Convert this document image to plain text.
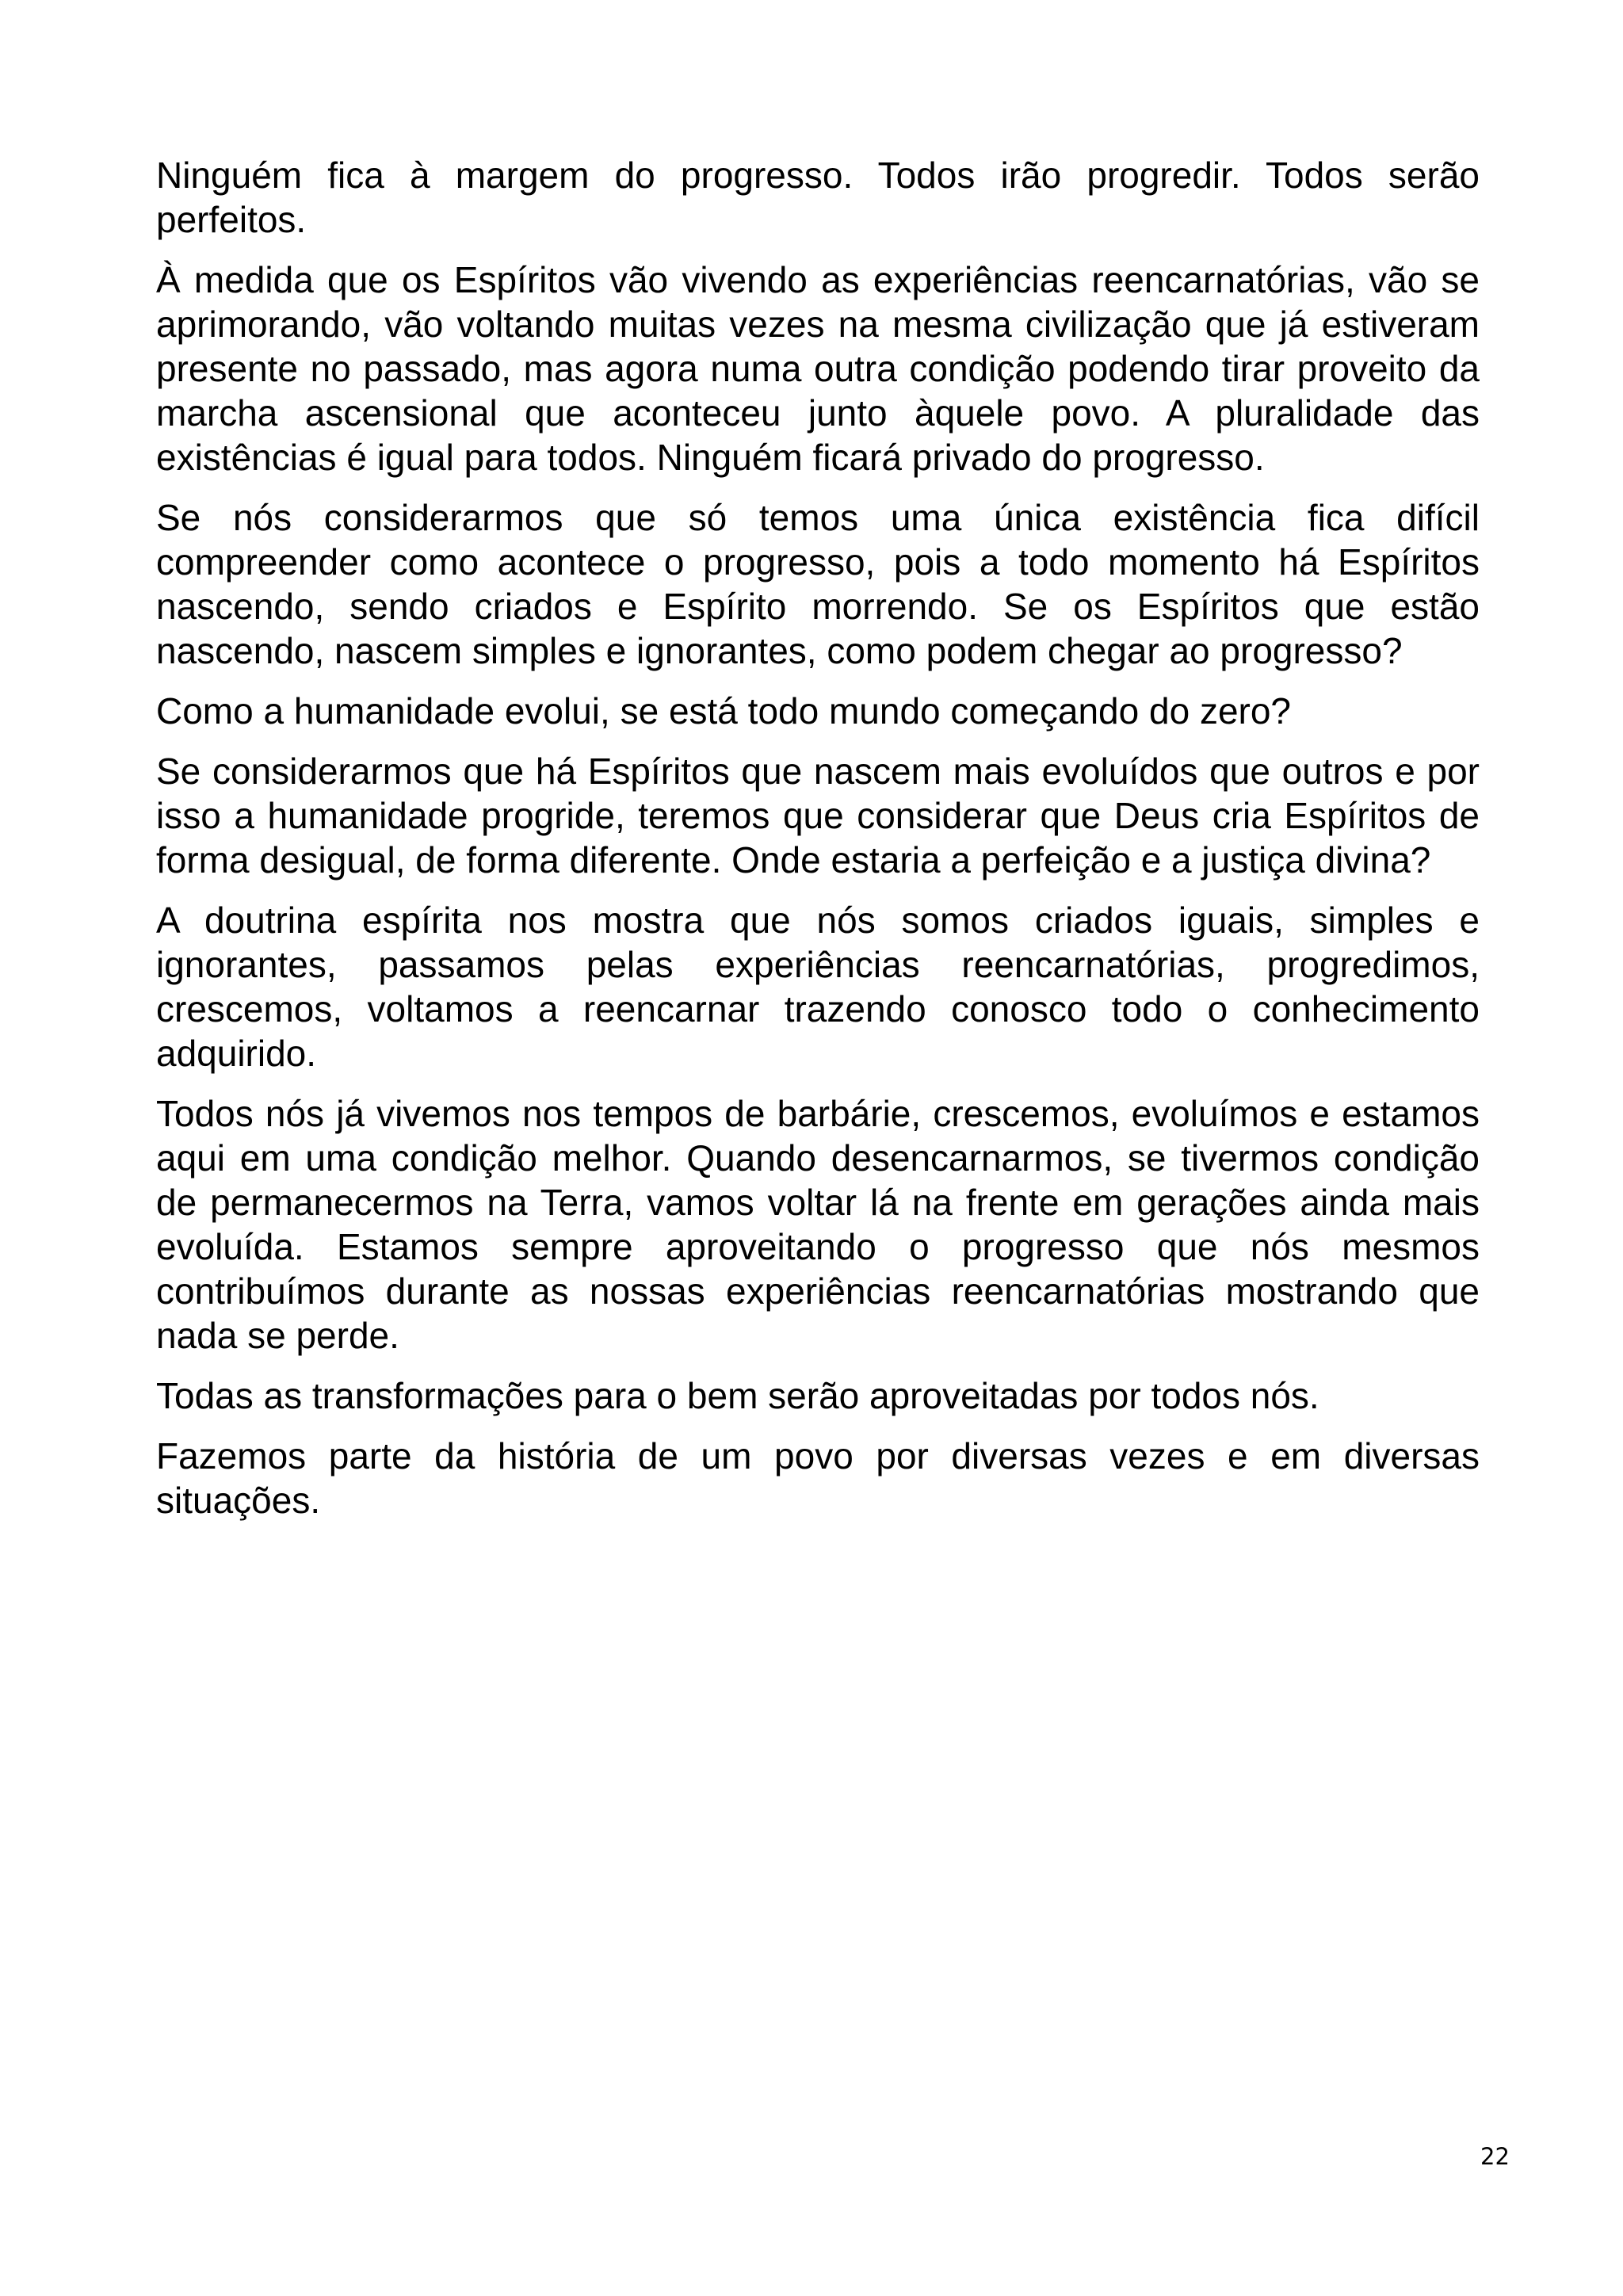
Ninguém fica à margem do progresso. Todos irão progredir. Todos serão perfeitos.

À medida que os Espíritos vão vivendo as experiências reencarnatórias, vão se aprimorando, vão voltando muitas vezes na mesma civilização que já estiveram presente no passado, mas agora numa outra condição podendo tirar proveito da marcha ascensional que aconteceu junto àquele povo. A pluralidade das existências é igual para todos. Ninguém ficará privado do progresso.

Se nós considerarmos que só temos uma única existência fica difícil compreender como acontece o progresso, pois a todo momento há Espíritos nascendo, sendo criados e Espírito morrendo. Se os Espíritos que estão nascendo, nascem simples e ignorantes, como podem chegar ao progresso?

Como a humanidade evolui, se está todo mundo começando do zero?

Se considerarmos que há Espíritos que nascem mais evoluídos que outros e por isso a humanidade progride, teremos que considerar que Deus cria Espíritos de forma desigual, de forma diferente. Onde estaria a perfeição e a justiça divina?

A doutrina espírita nos mostra que nós somos criados iguais, simples e ignorantes, passamos pelas experiências reencarnatórias, progredimos, crescemos, voltamos a reencarnar trazendo conosco todo o conhecimento adquirido.

Todos nós já vivemos nos tempos de barbárie, crescemos, evoluímos e estamos aqui em uma condição melhor. Quando desencarnarmos, se tivermos condição de permanecermos na Terra, vamos voltar lá na frente em gerações ainda mais evoluída. Estamos sempre aproveitando o progresso que nós mesmos contribuímos durante as nossas experiências reencarnatórias mostrando que nada se perde.

Todas as transformações para o bem serão aproveitadas por todos nós.

Fazemos parte da história de um povo por diversas vezes e em diversas situações.

22
